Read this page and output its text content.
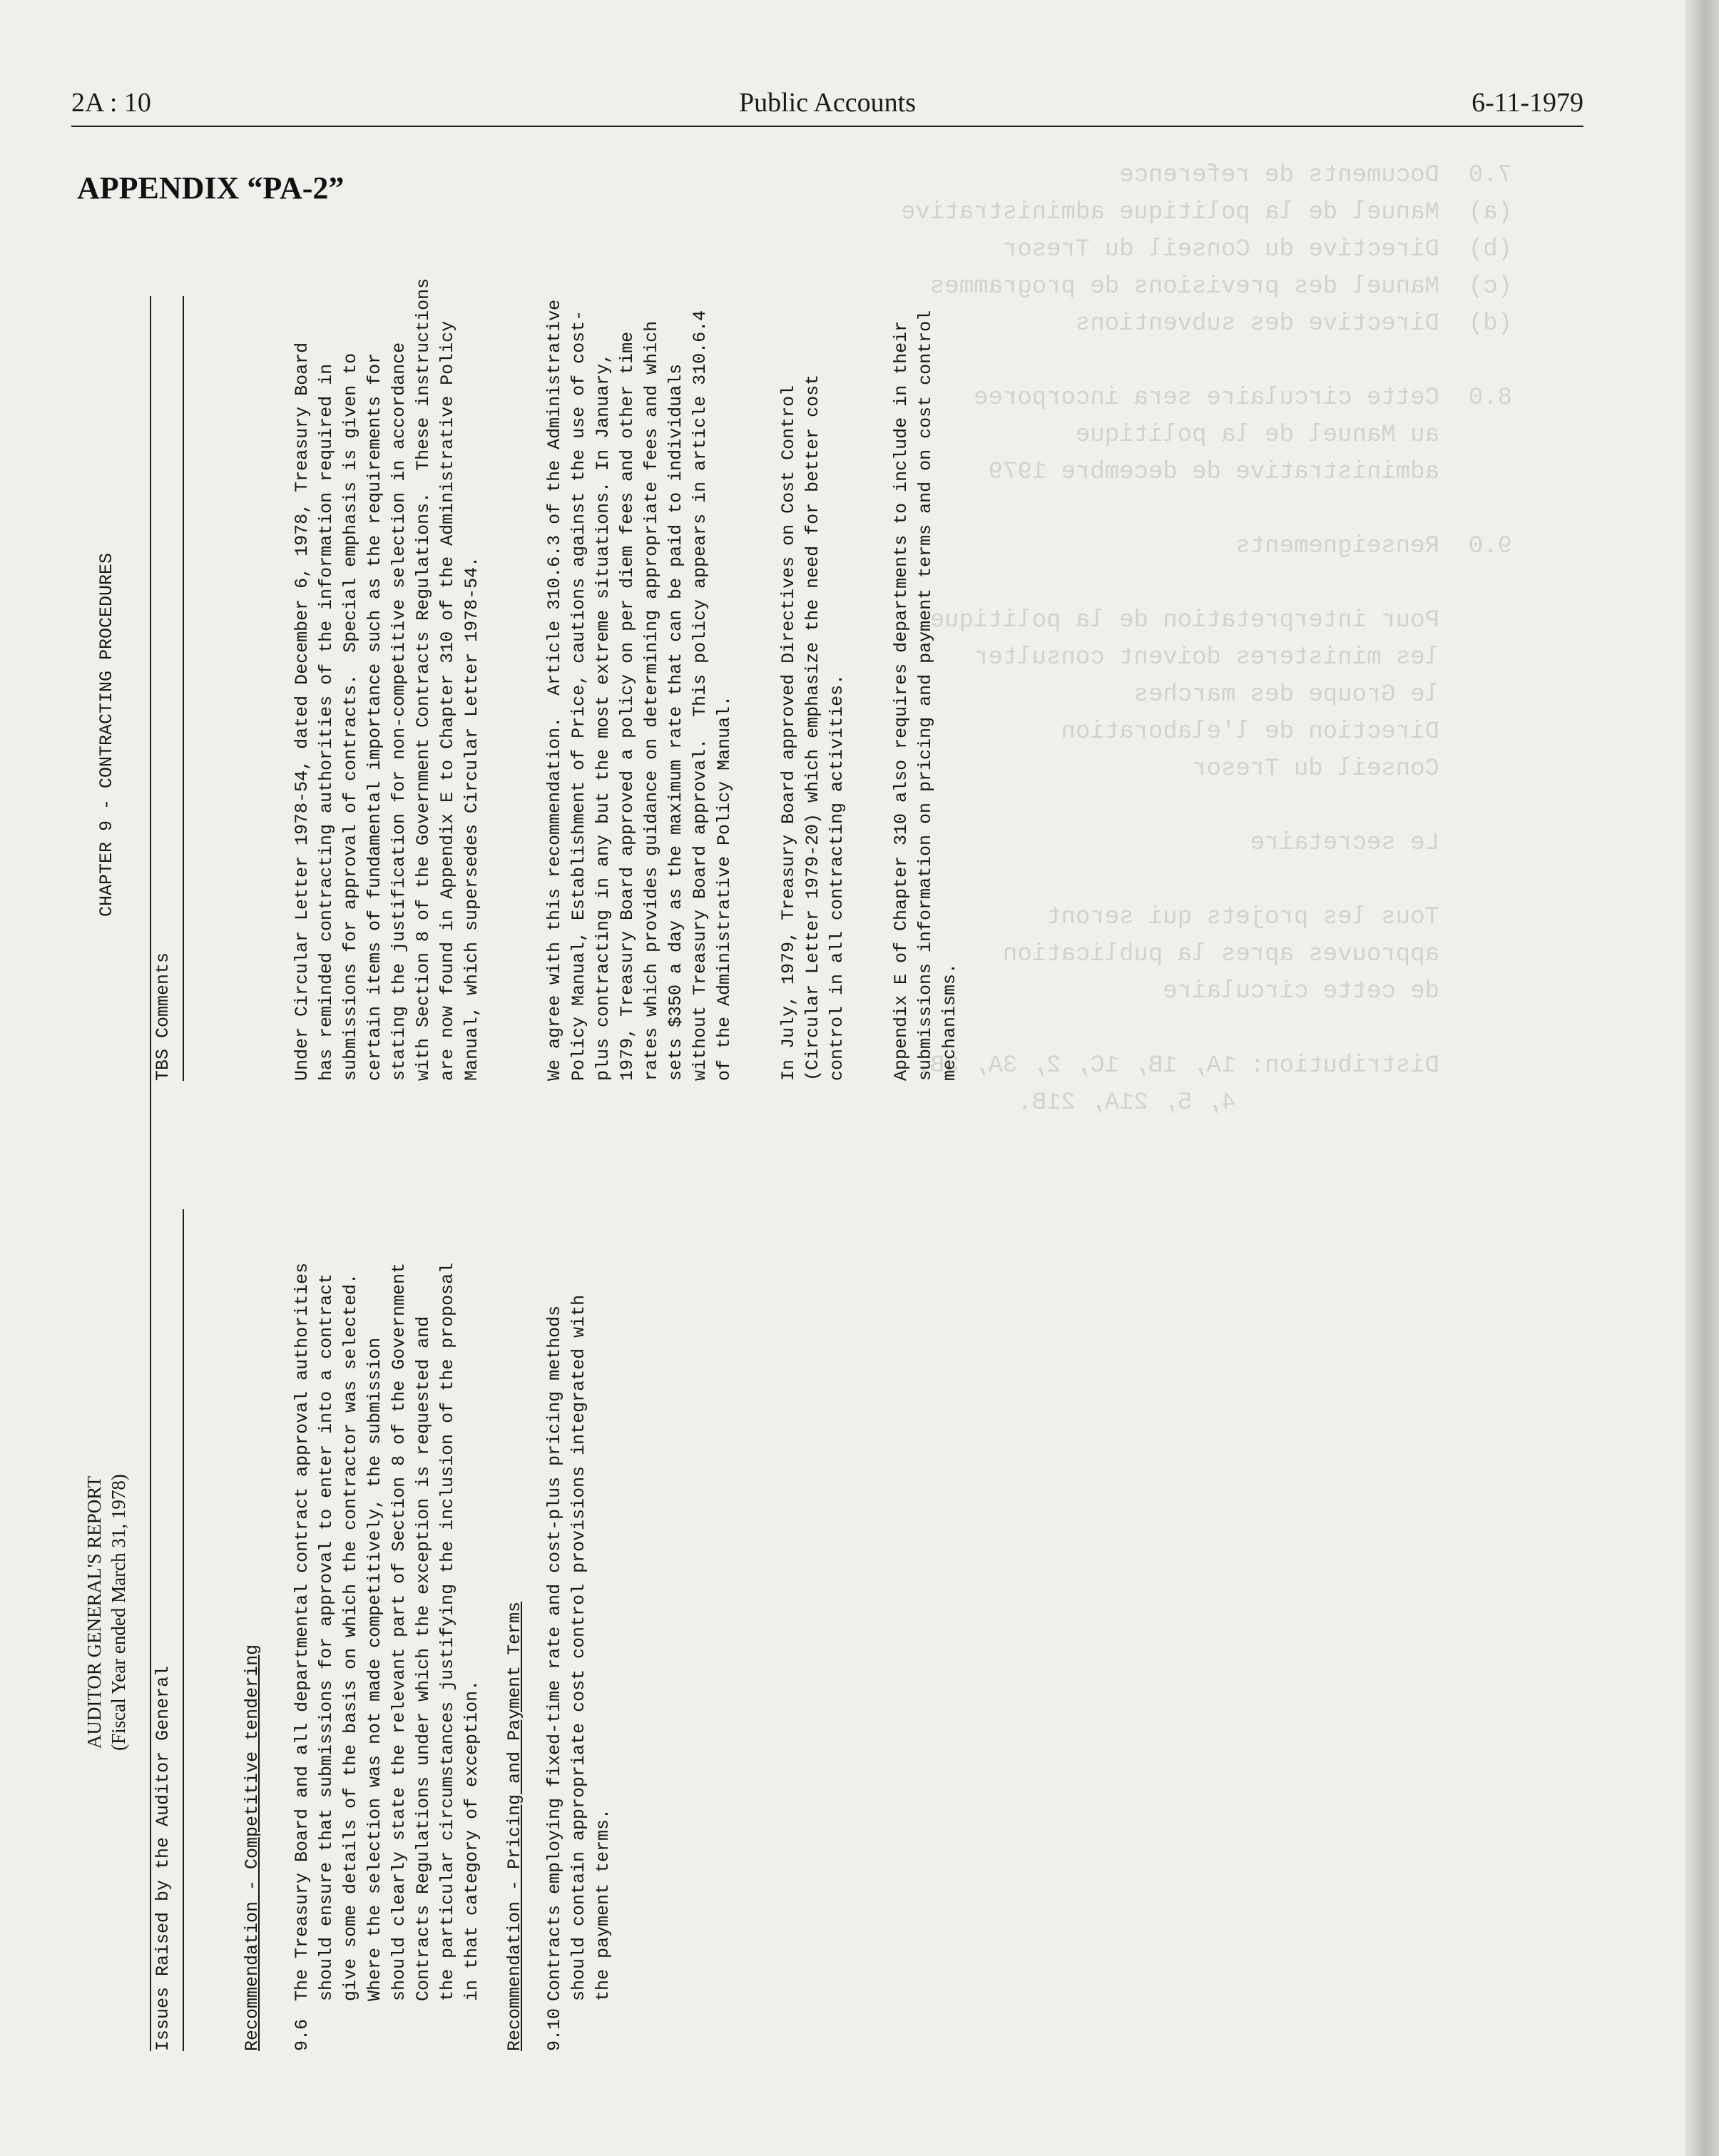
7.0  Documents de reference
(a)  Manuel de la politique administrative
(b)  Directive du Conseil du Tresor
(c)  Manuel des previsions de programmes
(d)  Directive des subventions

8.0  Cette circulaire sera incorporee
au Manuel de la politique
administrative de decembre 1979

9.0  Renseignements

Pour interpretation de la politique
les ministeres doivent consulter
le Groupe des marches
Direction de l'elaboration
Conseil du Tresor

Le secretaire

Tous les projets qui seront
approuves apres la publication
de cette circulaire

Distribution: 1A, 1B, 1C, 2, 3A, 3B,
4, 5, 21A, 21B.
2A : 10	Public Accounts	6-11-1979
APPENDIX “PA-2”
AUDITOR GENERAL'S REPORT (Fiscal Year ended March 31, 1978)
CHAPTER 9 - CONTRACTING PROCEDURES
Issues Raised by the Auditor General
TBS Comments
Recommendation - Competitive tendering 9.6
The Treasury Board and all departmental contract approval authorities should ensure that submissions for approval to enter into a contract give some details of the basis on which the contractor was selected. Where the selection was not made competitively, the submission should clearly state the relevant part of Section 8 of the Government Contracts Regulations under which the exception is requested and the particular circumstances justifying the inclusion of the proposal in that category of exception.
Under Circular Letter 1978-54, dated December 6, 1978, Treasury Board has reminded contracting authorities of the information required in submissions for approval of contracts.  Special emphasis is given to certain items of fundamental importance such as the requirements for stating the justification for non-competitive selection in accordance with Section 8 of the Government Contracts Regulations.  These instructions are now found in Appendix E to Chapter 310 of the Administrative Policy Manual, which supersedes Circular Letter 1978-54.
Recommendation - Pricing and Payment Terms 9.10
Contracts employing fixed-time rate and cost-plus pricing methods should contain appropriate cost control provisions integrated with the payment terms.
We agree with this recommendation.  Article 310.6.3 of the Administrative Policy Manual, Establishment of Price, cautions against the use of cost- plus contracting in any but the most extreme situations. In January, 1979, Treasury Board approved a policy on per diem fees and other time rates which provides guidance on determining appropriate fees and which sets $350 a day as the maximum rate that can be paid to individuals without Treasury Board approval.  This policy appears in article 310.6.4 of the Administrative Policy Manual. In July, 1979, Treasury Board approved Directives on Cost Control (Circular Letter 1979-20) which emphasize the need for better cost control in all contracting activities. Appendix E of Chapter 310 also requires departments to include in their submissions information on pricing and payment terms and on cost control mechanisms.
